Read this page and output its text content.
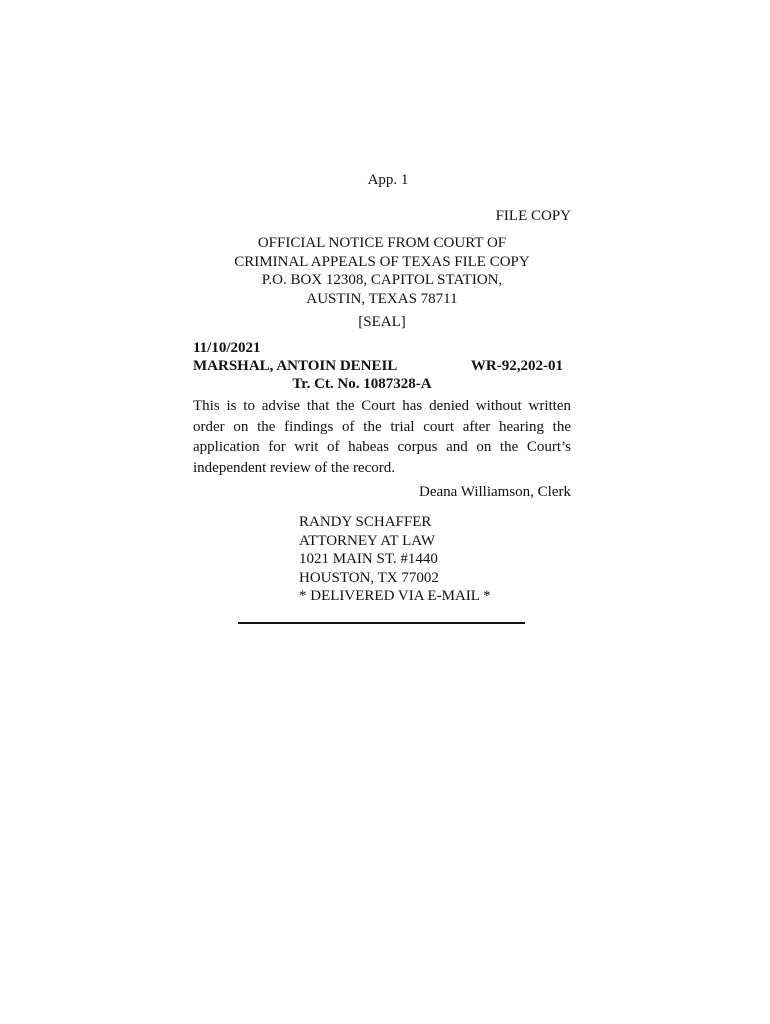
App. 1
FILE COPY
OFFICIAL NOTICE FROM COURT OF
CRIMINAL APPEALS OF TEXAS FILE COPY
P.O. BOX 12308, CAPITOL STATION,
AUSTIN, TEXAS 78711
[SEAL]
11/10/2021
MARSHAL, ANTOIN DENEIL	WR-92,202-01
Tr. Ct. No. 1087328-A
This is to advise that the Court has denied without written order on the findings of the trial court after hearing the application for writ of habeas corpus and on the Court’s independent review of the record.
Deana Williamson, Clerk
RANDY SCHAFFER
ATTORNEY AT LAW
1021 MAIN ST. #1440
HOUSTON, TX 77002
* DELIVERED VIA E-MAIL *
